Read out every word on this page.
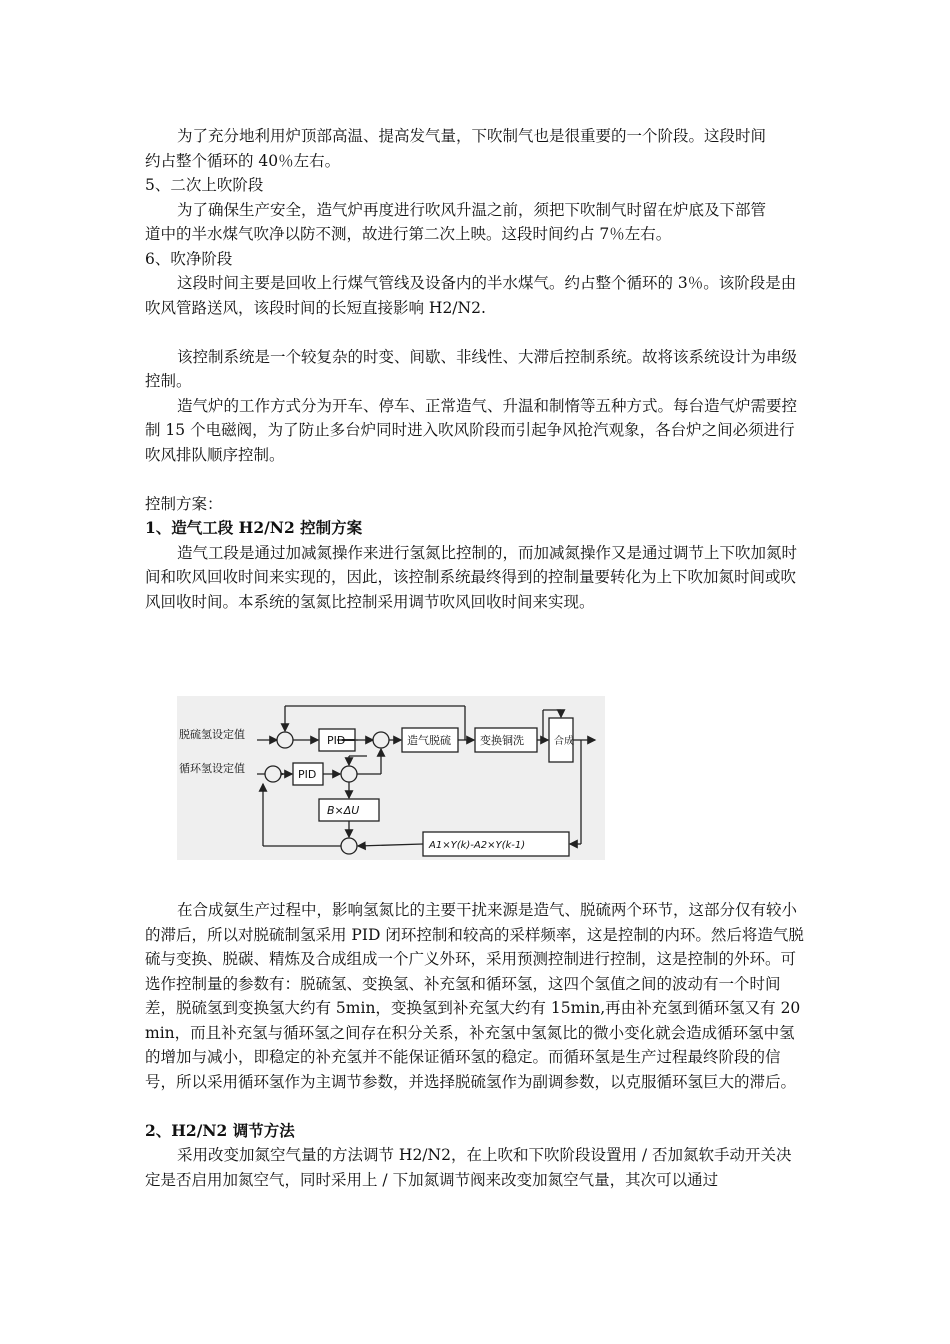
为了充分地利用炉顶部高温、提高发气量，下吹制气也是很重要的一个阶段。这段时间

约占整个循环的 40％左右。

5、二次上吹阶段

为了确保生产安全，造气炉再度进行吹风升温之前，须把下吹制气时留在炉底及下部管

道中的半水煤气吹净以防不测，故进行第二次上映。这段时间约占 7％左右。

6、吹净阶段

这段时间主要是回收上行煤气管线及设备内的半水煤气。约占整个循环的 3％。该阶段是由吹风管路送风，该段时间的长短直接影响 H2/N2.

该控制系统是一个较复杂的时变、间歇、非线性、大滞后控制系统。故将该系统设计为串级控制。

造气炉的工作方式分为开车、停车、正常造气、升温和制惰等五种方式。每台造气炉需要控制 15 个电磁阀，为了防止多台炉同时进入吹风阶段而引起争风抢汽观象，各台炉之间必须进行吹风排队顺序控制。

控制方案：

1、造气工段 H2/N2 控制方案

造气工段是通过加减氮操作来进行氢氮比控制的，而加减氮操作又是通过调节上下吹加氮时间和吹风回收时间来实现的，因此，该控制系统最终得到的控制量要转化为上下吹加氮时间或吹风回收时间。本系统的氢氮比控制采用调节吹风回收时间来实现。

脱硫氢设定值
循环氢设定值
PID
PID
造气脱硫	变换铜洗	合成
B×ΔU
A1×Y(k)-A2×Y(k-1)

在合成氨生产过程中，影响氢氮比的主要干扰来源是造气、脱硫两个环节，这部分仅有较小的滞后，所以对脱硫制氢采用 PID 闭环控制和较高的采样频率，这是控制的内环。然后将造气脱硫与变换、脱碳、精炼及合成组成一个广义外环，采用预测控制进行控制，这是控制的外环。可选作控制量的参数有：脱硫氢、变换氢、补充氢和循环氢，这四个氢值之间的波动有一个时间差，脱硫氢到变换氢大约有 5min，变换氢到补充氢大约有 15min,再由补充氢到循环氢又有 20min，而且补充氢与循环氢之间存在积分关系，补充氢中氢氮比的微小变化就会造成循环氢中氢的增加与减小，即稳定的补充氢并不能保证循环氢的稳定。而循环氢是生产过程最终阶段的信号，所以采用循环氢作为主调节参数，并选择脱硫氢作为副调参数，以克服循环氢巨大的滞后。

2、H2/N2 调节方法

采用改变加氮空气量的方法调节 H2/N2，在上吹和下吹阶段设置用 / 否加氮软手动开关决定是否启用加氮空气，同时采用上 / 下加氮调节阀来改变加氮空气量，其次可以通过
